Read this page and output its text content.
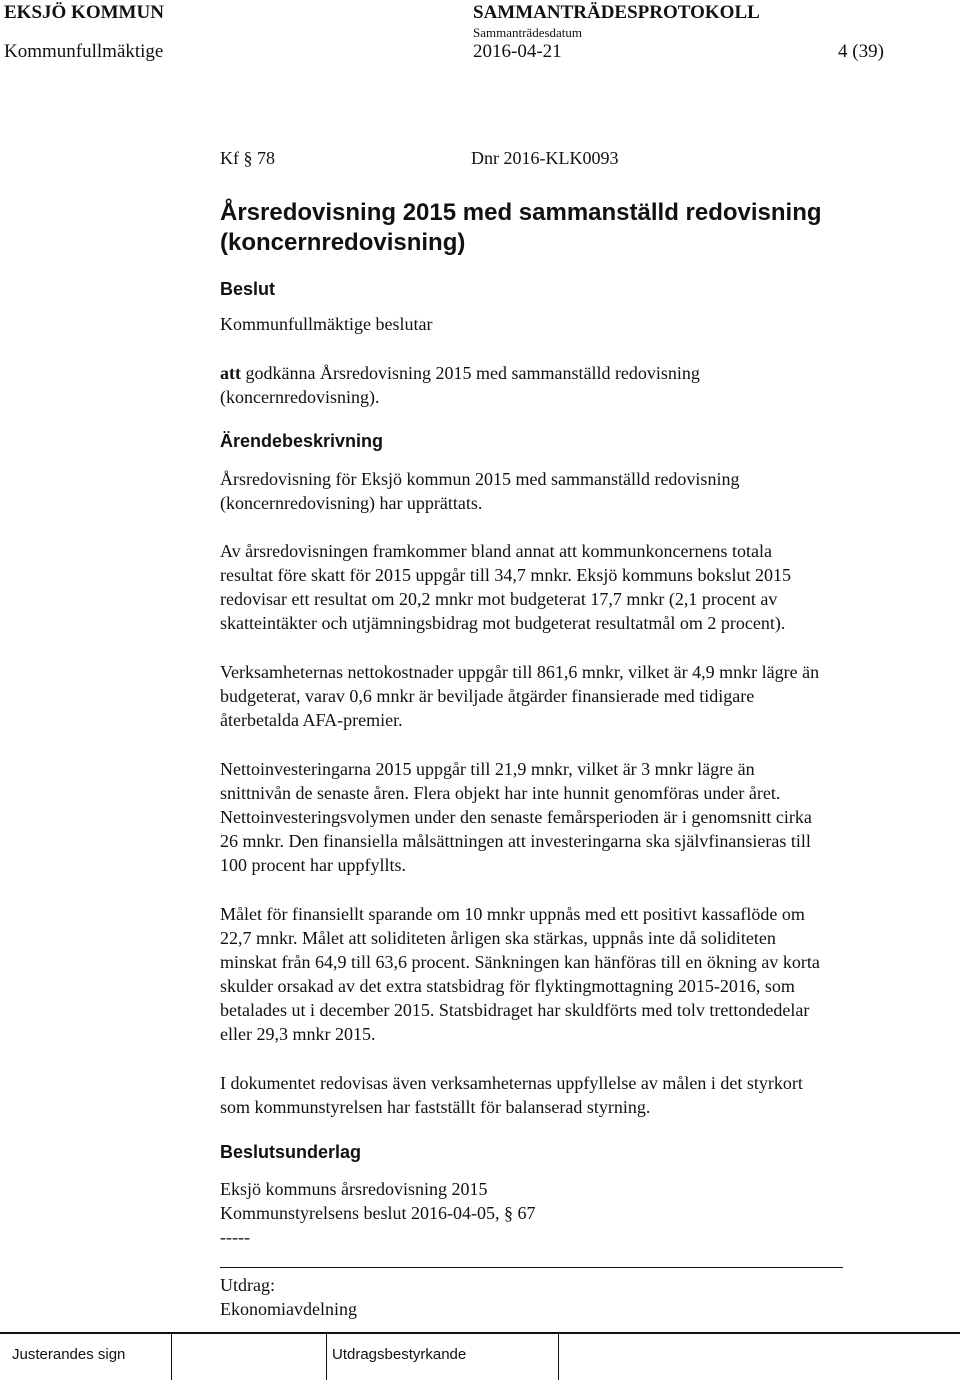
EKSJÖ KOMMUN	SAMMANTRÄDESPROTOKOLL
Sammanträdesdatum
Kommunfullmäktige	2016-04-21	4 (39)
Kf § 78	Dnr 2016-KLK0093
Årsredovisning 2015 med sammanställd redovisning (koncernredovisning)
Beslut
Kommunfullmäktige beslutar
att godkänna Årsredovisning 2015 med sammanställd redovisning
(koncernredovisning).
Ärendebeskrivning
Årsredovisning för Eksjö kommun 2015 med sammanställd redovisning
(koncernredovisning) har upprättats.
Av årsredovisningen framkommer bland annat att kommunkoncernens totala
resultat före skatt för 2015 uppgår till 34,7 mnkr. Eksjö kommuns bokslut 2015
redovisar ett resultat om 20,2 mnkr mot budgeterat 17,7 mnkr (2,1 procent av
skatteintäkter och utjämningsbidrag mot budgeterat resultatmål om 2 procent).
Verksamheternas nettokostnader uppgår till 861,6 mnkr, vilket är 4,9 mnkr lägre än
budgeterat, varav 0,6 mnkr är beviljade åtgärder finansierade med tidigare
återbetalda AFA-premier.
Nettoinvesteringarna 2015 uppgår till 21,9 mnkr, vilket är 3 mnkr lägre än
snittnivån de senaste åren. Flera objekt har inte hunnit genomföras under året.
Nettoinvesteringsvolymen under den senaste femårsperioden är i genomsnitt cirka
26 mnkr. Den finansiella målsättningen att investeringarna ska självfinansieras till
100 procent har uppfyllts.
Målet för finansiellt sparande om 10 mnkr uppnås med ett positivt kassaflöde om
22,7 mnkr. Målet att soliditeten årligen ska stärkas, uppnås inte då soliditeten
minskat från 64,9 till 63,6 procent. Sänkningen kan hänföras till en ökning av korta
skulder orsakad av det extra statsbidrag för flyktingmottagning 2015-2016, som
betalades ut i december 2015. Statsbidraget har skuldförts med tolv trettondedelar
eller 29,3 mnkr 2015.
I dokumentet redovisas även verksamheternas uppfyllelse av målen i det styrkort
som kommunstyrelsen har fastställt för balanserad styrning.
Beslutsunderlag
Eksjö kommuns årsredovisning 2015
Kommunstyrelsens beslut 2016-04-05, § 67
-----
Utdrag:
Ekonomiavdelning
Justerandes sign	Utdragsbestyrkande
